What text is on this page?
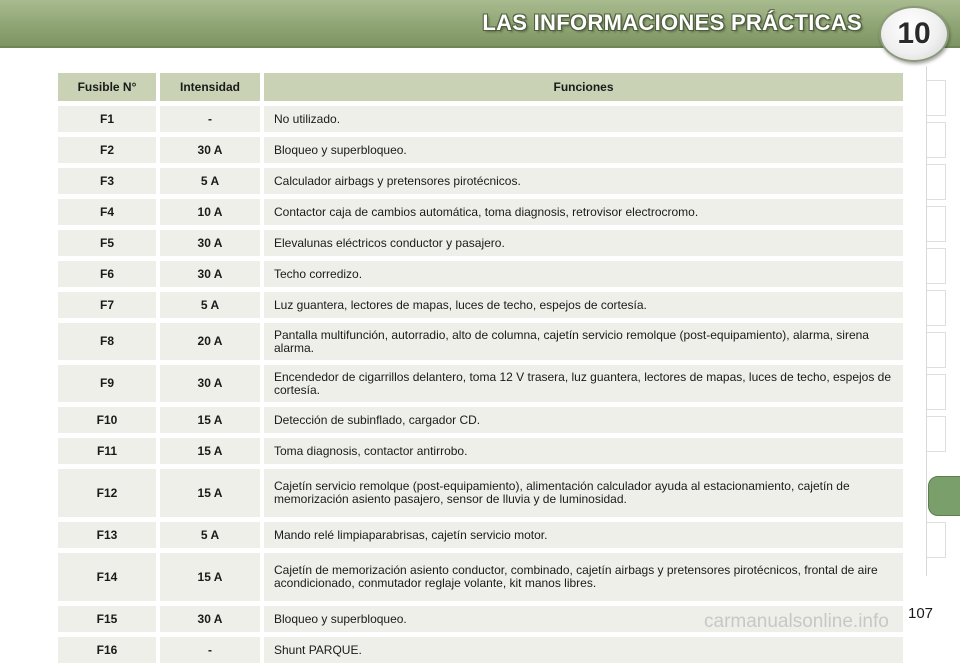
LAS INFORMACIONES PRÁCTICAS 10
Fusible N°	Intensidad	Funciones
F1	-	No utilizado.
F2	30 A	Bloqueo y superbloqueo.
F3	5 A	Calculador airbags y pretensores pirotécnicos.
F4	10 A	Contactor caja de cambios automática, toma diagnosis, retrovisor electrocromo.
F5	30 A	Elevalunas eléctricos conductor y pasajero.
F6	30 A	Techo corredizo.
F7	5 A	Luz guantera, lectores de mapas, luces de techo, espejos de cortesía.
F8	20 A	Pantalla multifunción, autorradio, alto de columna, cajetín servicio remolque (post-equipamiento), alarma, sirena alarma.
F9	30 A	Encendedor de cigarrillos delantero, toma 12 V trasera, luz guantera, lectores de mapas, luces de techo, espejos de cortesía.
F10	15 A	Detección de subinflado, cargador CD.
F11	15 A	Toma diagnosis, contactor antirrobo.
F12	15 A	Cajetín servicio remolque (post-equipamiento), alimentación calculador ayuda al estacionamiento, cajetín de memorización asiento pasajero, sensor de lluvia y de luminosidad.
F13	5 A	Mando relé limpiaparabrisas, cajetín servicio motor.
F14	15 A	Cajetín de memorización asiento conductor, combinado, cajetín airbags y pretensores pirotécnicos, frontal de aire acondicionado, conmutador reglaje volante, kit manos libres.
F15	30 A	Bloqueo y superbloqueo.
F16	-	Shunt PARQUE.
carmanualsonline.info 107
